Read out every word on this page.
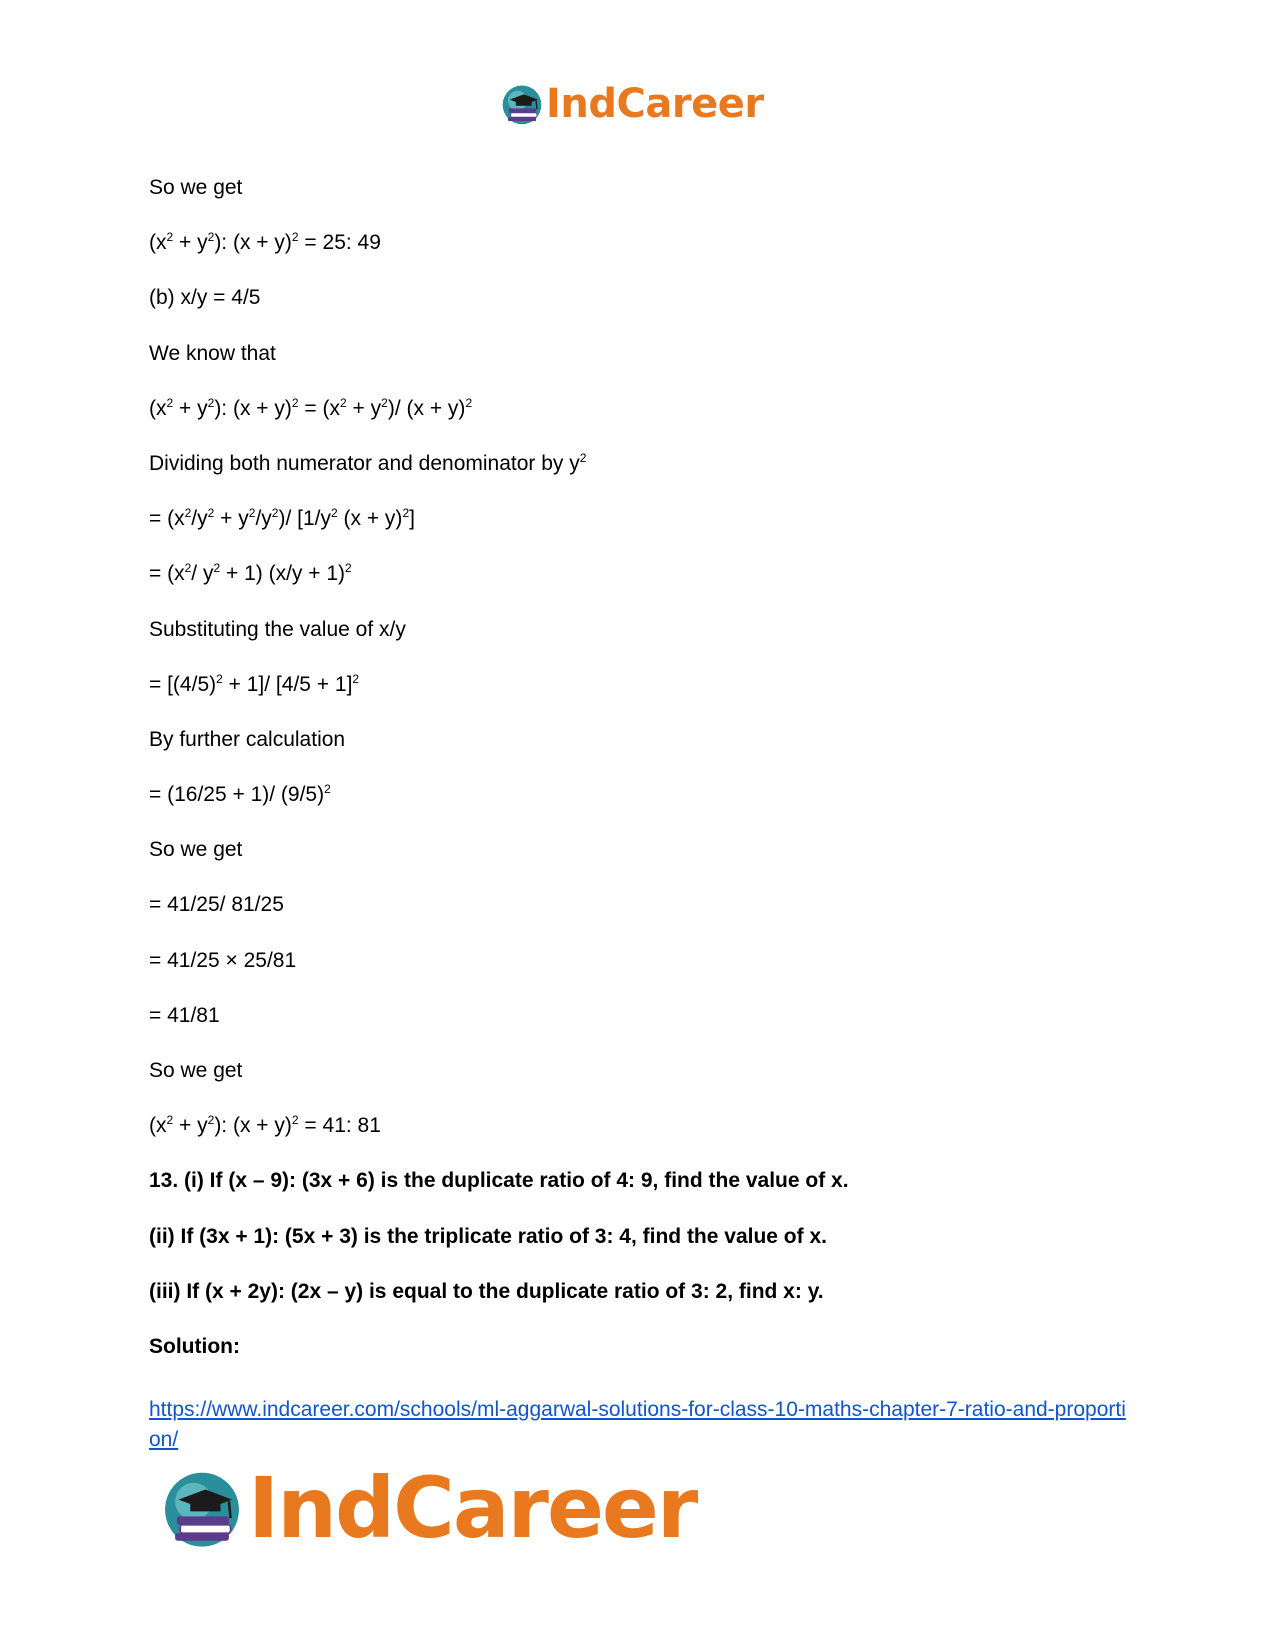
IndCareer
So we get
$(x^2 + y^2)$: $(x + y)^2 = 25$: 49
(b) x/y = 4/5
We know that
$(x^2 + y^2)$: $(x + y)^2 = (x^2 + y^2)/$ $(x + y)^2$
Dividing both numerator and denominator by $y^2$
= $(x^2/y^2 + y^2/y^2)/$ [$1/y^2$ $(x + y)^2$]
= ($x^2/$ $y^2 + 1$) $(x/y + 1)^2$
Substituting the value of x/y
= $[(4/5)^2 + 1]/$ $[4/5 + 1]^2$
By further calculation
= (16/25 + 1)/ $(9/5)^2$
So we get
= 41/25/ 81/25
= 41/25 × 25/81
= 41/81
So we get
$(x^2 + y^2)$: $(x + y)^2 = 41$: 81
13. (i) If (x – 9): (3x + 6) is the duplicate ratio of 4: 9, find the value of x.
(ii) If (3x + 1): (5x + 3) is the triplicate ratio of 3: 4, find the value of x.
(iii) If (x + 2y): (2x – y) is equal to the duplicate ratio of 3: 2, find x: y.
Solution:
https://www.indcareer.com/schools/ml-aggarwal-solutions-for-class-10-maths-chapter-7-ratio-and-proportion/
IndCareer
